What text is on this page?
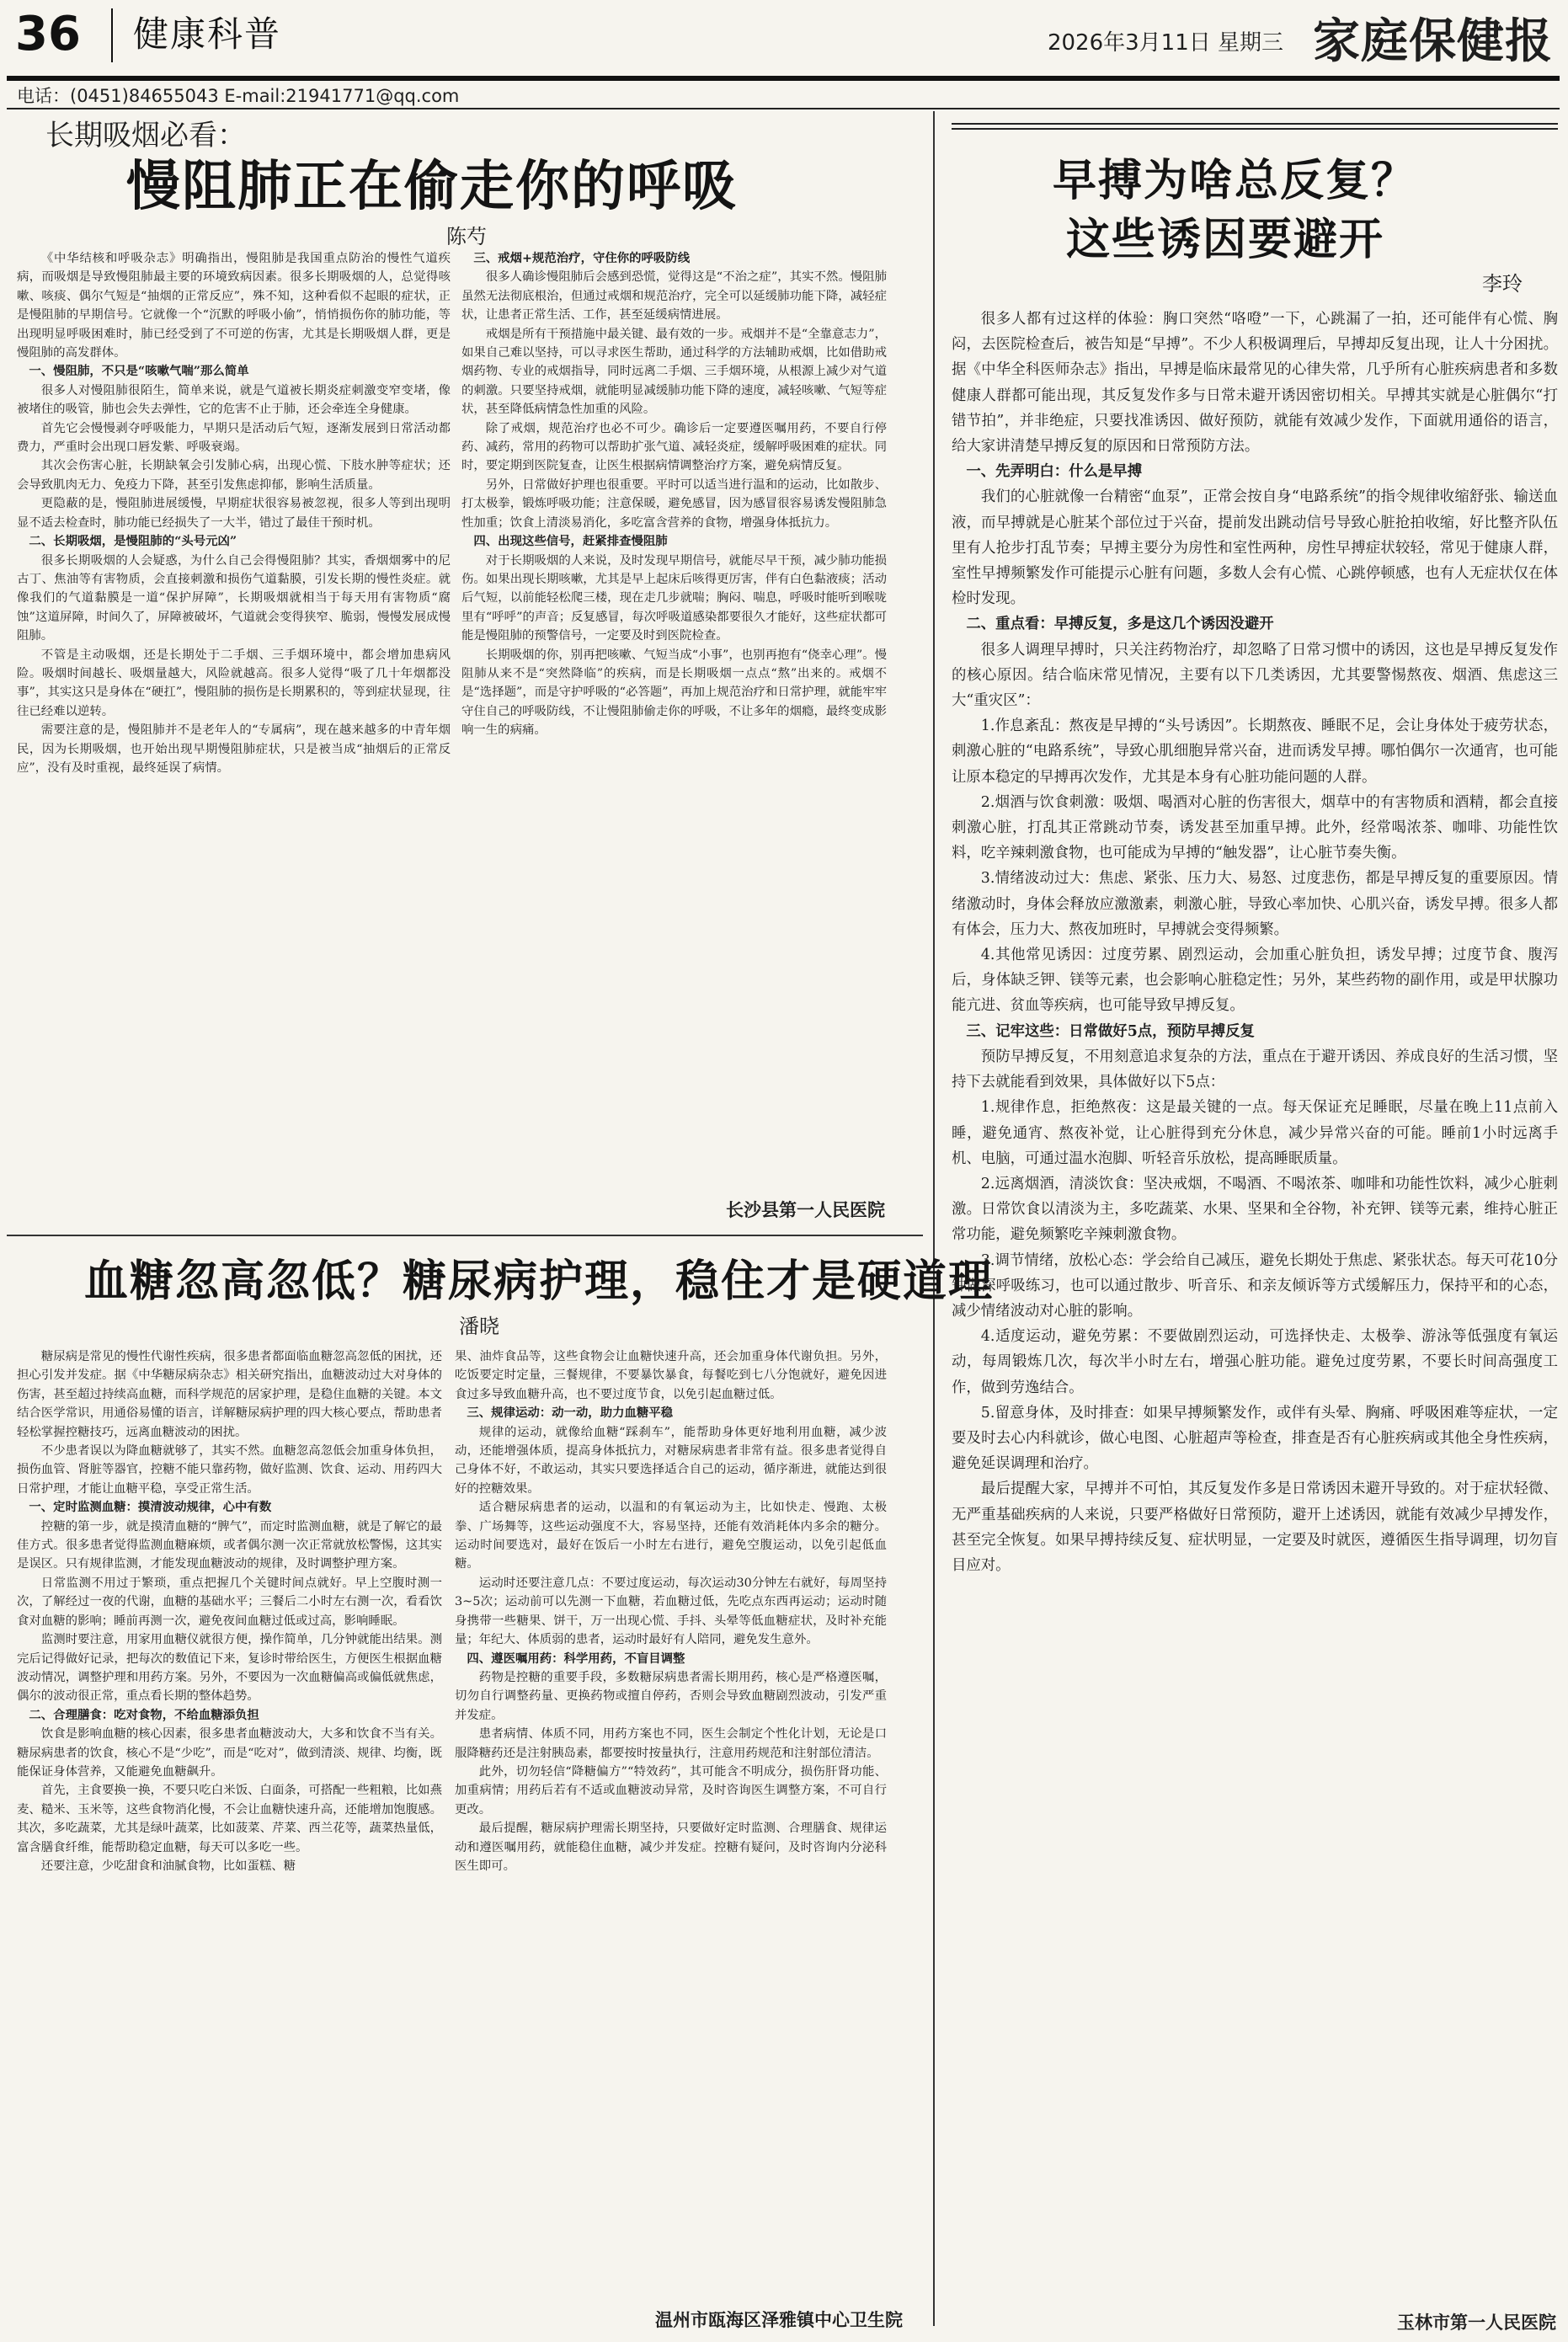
36 健康科普	2026年3月11日 星期三 家庭保健报
电话：(0451)84655043 E-mail:21941771@qq.com
长期吸烟必看：
慢阻肺正在偷走你的呼吸
陈芍

《中华结核和呼吸杂志》明确指出，慢阻肺是我国重点防治的慢性气道疾病，而吸烟是导致慢阻肺最主要的环境致病因素。很多长期吸烟的人，总觉得咳嗽、咳痰、偶尔气短是“抽烟的正常反应”，殊不知，这种看似不起眼的症状，正是慢阻肺的早期信号。它就像一个“沉默的呼吸小偷”，悄悄损伤你的肺功能，等出现明显呼吸困难时，肺已经受到了不可逆的伤害，尤其是长期吸烟人群，更是慢阻肺的高发群体。

一、慢阻肺，不只是“咳嗽气喘”那么简单

很多人对慢阻肺很陌生，简单来说，就是气道被长期炎症刺激变窄变堵，像被堵住的吸管，肺也会失去弹性，它的危害不止于肺，还会牵连全身健康。

首先它会慢慢剥夺呼吸能力，早期只是活动后气短，逐渐发展到日常活动都费力，严重时会出现口唇发紫、呼吸衰竭。

其次会伤害心脏，长期缺氧会引发肺心病，出现心慌、下肢水肿等症状；还会导致肌肉无力、免疫力下降，甚至引发焦虑抑郁，影响生活质量。

更隐蔽的是，慢阻肺进展缓慢，早期症状很容易被忽视，很多人等到出现明显不适去检查时，肺功能已经损失了一大半，错过了最佳干预时机。

二、长期吸烟，是慢阻肺的“头号元凶”

很多长期吸烟的人会疑惑，为什么自己会得慢阻肺？其实，香烟烟雾中的尼古丁、焦油等有害物质，会直接刺激和损伤气道黏膜，引发长期的慢性炎症。就像我们的气道黏膜是一道“保护屏障”，长期吸烟就相当于每天用有害物质“腐蚀”这道屏障，时间久了，屏障被破坏，气道就会变得狭窄、脆弱，慢慢发展成慢阻肺。

不管是主动吸烟，还是长期处于二手烟、三手烟环境中，都会增加患病风险。吸烟时间越长、吸烟量越大，风险就越高。很多人觉得“吸了几十年烟都没事”，其实这只是身体在“硬扛”，慢阻肺的损伤是长期累积的，等到症状显现，往往已经难以逆转。

需要注意的是，慢阻肺并不是老年人的“专属病”，现在越来越多的中青年烟民，因为长期吸烟，也开始出现早期慢阻肺症状，只是被当成“抽烟后的正常反应”，没有及时重视，最终延误了病情。

三、戒烟+规范治疗，守住你的呼吸防线

很多人确诊慢阻肺后会感到恐慌，觉得这是“不治之症”，其实不然。慢阻肺虽然无法彻底根治，但通过戒烟和规范治疗，完全可以延缓肺功能下降，减轻症状，让患者正常生活、工作，甚至延缓病情进展。

戒烟是所有干预措施中最关键、最有效的一步。戒烟并不是“全靠意志力”，如果自己难以坚持，可以寻求医生帮助，通过科学的方法辅助戒烟，比如借助戒烟药物、专业的戒烟指导，同时远离二手烟、三手烟环境，从根源上减少对气道的刺激。只要坚持戒烟，就能明显减缓肺功能下降的速度，减轻咳嗽、气短等症状，甚至降低病情急性加重的风险。

除了戒烟，规范治疗也必不可少。确诊后一定要遵医嘱用药，不要自行停药、减药，常用的药物可以帮助扩张气道、减轻炎症，缓解呼吸困难的症状。同时，要定期到医院复查，让医生根据病情调整治疗方案，避免病情反复。

另外，日常做好护理也很重要。平时可以适当进行温和的运动，比如散步、打太极拳，锻炼呼吸功能；注意保暖，避免感冒，因为感冒很容易诱发慢阻肺急性加重；饮食上清淡易消化，多吃富含营养的食物，增强身体抵抗力。

四、出现这些信号，赶紧排查慢阻肺

对于长期吸烟的人来说，及时发现早期信号，就能尽早干预，减少肺功能损伤。如果出现长期咳嗽，尤其是早上起床后咳得更厉害，伴有白色黏液痰；活动后气短，以前能轻松爬三楼，现在走几步就喘；胸闷、喘息，呼吸时能听到喉咙里有“呼呼”的声音；反复感冒，每次呼吸道感染都要很久才能好，这些症状都可能是慢阻肺的预警信号，一定要及时到医院检查。

长期吸烟的你，别再把咳嗽、气短当成“小事”，也别再抱有“侥幸心理”。慢阻肺从来不是“突然降临”的疾病，而是长期吸烟一点点“熬”出来的。戒烟不是“选择题”，而是守护呼吸的“必答题”，再加上规范治疗和日常护理，就能牢牢守住自己的呼吸防线，不让慢阻肺偷走你的呼吸，不让多年的烟瘾，最终变成影响一生的病痛。

长沙县第一人民医院
血糖忽高忽低？糖尿病护理，稳住才是硬道理
潘晓

糖尿病是常见的慢性代谢性疾病，很多患者都面临血糖忽高忽低的困扰，还担心引发并发症。据《中华糖尿病杂志》相关研究指出，血糖波动过大对身体的伤害，甚至超过持续高血糖，而科学规范的居家护理，是稳住血糖的关键。本文结合医学常识，用通俗易懂的语言，详解糖尿病护理的四大核心要点，帮助患者轻松掌握控糖技巧，远离血糖波动的困扰。

不少患者误以为降血糖就够了，其实不然。血糖忽高忽低会加重身体负担，损伤血管、肾脏等器官，控糖不能只靠药物，做好监测、饮食、运动、用药四大日常护理，才能让血糖平稳，享受正常生活。

一、定时监测血糖：摸清波动规律，心中有数

控糖的第一步，就是摸清血糖的“脾气”，而定时监测血糖，就是了解它的最佳方式。很多患者觉得监测血糖麻烦，或者偶尔测一次正常就放松警惕，这其实是误区。只有规律监测，才能发现血糖波动的规律，及时调整护理方案。

日常监测不用过于繁琐，重点把握几个关键时间点就好。早上空腹时测一次，了解经过一夜的代谢，血糖的基础水平；三餐后二小时左右测一次，看看饮食对血糖的影响；睡前再测一次，避免夜间血糖过低或过高，影响睡眠。

监测时要注意，用家用血糖仪就很方便，操作简单，几分钟就能出结果。测完后记得做好记录，把每次的数值记下来，复诊时带给医生，方便医生根据血糖波动情况，调整护理和用药方案。另外，不要因为一次血糖偏高或偏低就焦虑，偶尔的波动很正常，重点看长期的整体趋势。

二、合理膳食：吃对食物，不给血糖添负担

饮食是影响血糖的核心因素，很多患者血糖波动大，大多和饮食不当有关。糖尿病患者的饮食，核心不是“少吃”，而是“吃对”，做到清淡、规律、均衡，既能保证身体营养，又能避免血糖飙升。

首先，主食要换一换，不要只吃白米饭、白面条，可搭配一些粗粮，比如燕麦、糙米、玉米等，这些食物消化慢，不会让血糖快速升高，还能增加饱腹感。其次，多吃蔬菜，尤其是绿叶蔬菜，比如菠菜、芹菜、西兰花等，蔬菜热量低，富含膳食纤维，能帮助稳定血糖，每天可以多吃一些。

还要注意，少吃甜食和油腻食物，比如蛋糕、糖

果、油炸食品等，这些食物会让血糖快速升高，还会加重身体代谢负担。另外，吃饭要定时定量，三餐规律，不要暴饮暴食，每餐吃到七八分饱就好，避免因进食过多导致血糖升高，也不要过度节食，以免引起血糖过低。

三、规律运动：动一动，助力血糖平稳

规律的运动，就像给血糖“踩刹车”，能帮助身体更好地利用血糖，减少波动，还能增强体质，提高身体抵抗力，对糖尿病患者非常有益。很多患者觉得自己身体不好，不敢运动，其实只要选择适合自己的运动，循序渐进，就能达到很好的控糖效果。

适合糖尿病患者的运动，以温和的有氧运动为主，比如快走、慢跑、太极拳、广场舞等，这些运动强度不大，容易坚持，还能有效消耗体内多余的糖分。运动时间要选对，最好在饭后一小时左右进行，避免空腹运动，以免引起低血糖。

运动时还要注意几点：不要过度运动，每次运动30分钟左右就好，每周坚持3~5次；运动前可以先测一下血糖，若血糖过低，先吃点东西再运动；运动时随身携带一些糖果、饼干，万一出现心慌、手抖、头晕等低血糖症状，及时补充能量；年纪大、体质弱的患者，运动时最好有人陪同，避免发生意外。

四、遵医嘱用药：科学用药，不盲目调整

药物是控糖的重要手段，多数糖尿病患者需长期用药，核心是严格遵医嘱，切勿自行调整药量、更换药物或擅自停药，否则会导致血糖剧烈波动，引发严重并发症。

患者病情、体质不同，用药方案也不同，医生会制定个性化计划，无论是口服降糖药还是注射胰岛素，都要按时按量执行，注意用药规范和注射部位清洁。

此外，切勿轻信“降糖偏方”“特效药”，其可能含不明成分，损伤肝肾功能、加重病情；用药后若有不适或血糖波动异常，及时咨询医生调整方案，不可自行更改。

最后提醒，糖尿病护理需长期坚持，只要做好定时监测、合理膳食、规律运动和遵医嘱用药，就能稳住血糖，减少并发症。控糖有疑问，及时咨询内分泌科医生即可。

温州市瓯海区泽雅镇中心卫生院
早搏为啥总反复？
这些诱因要避开
李玲

很多人都有过这样的体验：胸口突然“咯噔”一下，心跳漏了一拍，还可能伴有心慌、胸闷，去医院检查后，被告知是“早搏”。不少人积极调理后，早搏却反复出现，让人十分困扰。据《中华全科医师杂志》指出，早搏是临床最常见的心律失常，几乎所有心脏疾病患者和多数健康人群都可能出现，其反复发作多与日常未避开诱因密切相关。早搏其实就是心脏偶尔“打错节拍”，并非绝症，只要找准诱因、做好预防，就能有效减少发作，下面就用通俗的语言，给大家讲清楚早搏反复的原因和日常预防方法。

一、先弄明白：什么是早搏

我们的心脏就像一台精密“血泵”，正常会按自身“电路系统”的指令规律收缩舒张、输送血液，而早搏就是心脏某个部位过于兴奋，提前发出跳动信号导致心脏抢拍收缩，好比整齐队伍里有人抢步打乱节奏；早搏主要分为房性和室性两种，房性早搏症状较轻，常见于健康人群，室性早搏频繁发作可能提示心脏有问题，多数人会有心慌、心跳停顿感，也有人无症状仅在体检时发现。

二、重点看：早搏反复，多是这几个诱因没避开

很多人调理早搏时，只关注药物治疗，却忽略了日常习惯中的诱因，这也是早搏反复发作的核心原因。结合临床常见情况，主要有以下几类诱因，尤其要警惕熬夜、烟酒、焦虑这三大“重灾区”：

1.作息紊乱：熬夜是早搏的“头号诱因”。长期熬夜、睡眠不足，会让身体处于疲劳状态，刺激心脏的“电路系统”，导致心肌细胞异常兴奋，进而诱发早搏。哪怕偶尔一次通宵，也可能让原本稳定的早搏再次发作，尤其是本身有心脏功能问题的人群。

2.烟酒与饮食刺激：吸烟、喝酒对心脏的伤害很大，烟草中的有害物质和酒精，都会直接刺激心脏，打乱其正常跳动节奏，诱发甚至加重早搏。此外，经常喝浓茶、咖啡、功能性饮料，吃辛辣刺激食物，也可能成为早搏的“触发器”，让心脏节奏失衡。

3.情绪波动过大：焦虑、紧张、压力大、易怒、过度悲伤，都是早搏反复的重要原因。情绪激动时，身体会释放应激激素，刺激心脏，导致心率加快、心肌兴奋，诱发早搏。很多人都有体会，压力大、熬夜加班时，早搏就会变得频繁。

4.其他常见诱因：过度劳累、剧烈运动，会加重心脏负担，诱发早搏；过度节食、腹泻后，身体缺乏钾、镁等元素，也会影响心脏稳定性；另外，某些药物的副作用，或是甲状腺功能亢进、贫血等疾病，也可能导致早搏反复。

三、记牢这些：日常做好5点，预防早搏反复

预防早搏反复，不用刻意追求复杂的方法，重点在于避开诱因、养成良好的生活习惯，坚持下去就能看到效果，具体做好以下5点：

1.规律作息，拒绝熬夜：这是最关键的一点。每天保证充足睡眠，尽量在晚上11点前入睡，避免通宵、熬夜补觉，让心脏得到充分休息，减少异常兴奋的可能。睡前1小时远离手机、电脑，可通过温水泡脚、听轻音乐放松，提高睡眠质量。

2.远离烟酒，清淡饮食：坚决戒烟，不喝酒、不喝浓茶、咖啡和功能性饮料，减少心脏刺激。日常饮食以清淡为主，多吃蔬菜、水果、坚果和全谷物，补充钾、镁等元素，维持心脏正常功能，避免频繁吃辛辣刺激食物。

3.调节情绪，放松心态：学会给自己减压，避免长期处于焦虑、紧张状态。每天可花10分钟做深呼吸练习，也可以通过散步、听音乐、和亲友倾诉等方式缓解压力，保持平和的心态，减少情绪波动对心脏的影响。

4.适度运动，避免劳累：不要做剧烈运动，可选择快走、太极拳、游泳等低强度有氧运动，每周锻炼几次，每次半小时左右，增强心脏功能。避免过度劳累，不要长时间高强度工作，做到劳逸结合。

5.留意身体，及时排查：如果早搏频繁发作，或伴有头晕、胸痛、呼吸困难等症状，一定要及时去心内科就诊，做心电图、心脏超声等检查，排查是否有心脏疾病或其他全身性疾病，避免延误调理和治疗。

最后提醒大家，早搏并不可怕，其反复发作多是日常诱因未避开导致的。对于症状轻微、无严重基础疾病的人来说，只要严格做好日常预防，避开上述诱因，就能有效减少早搏发作，甚至完全恢复。如果早搏持续反复、症状明显，一定要及时就医，遵循医生指导调理，切勿盲目应对。

玉林市第一人民医院
